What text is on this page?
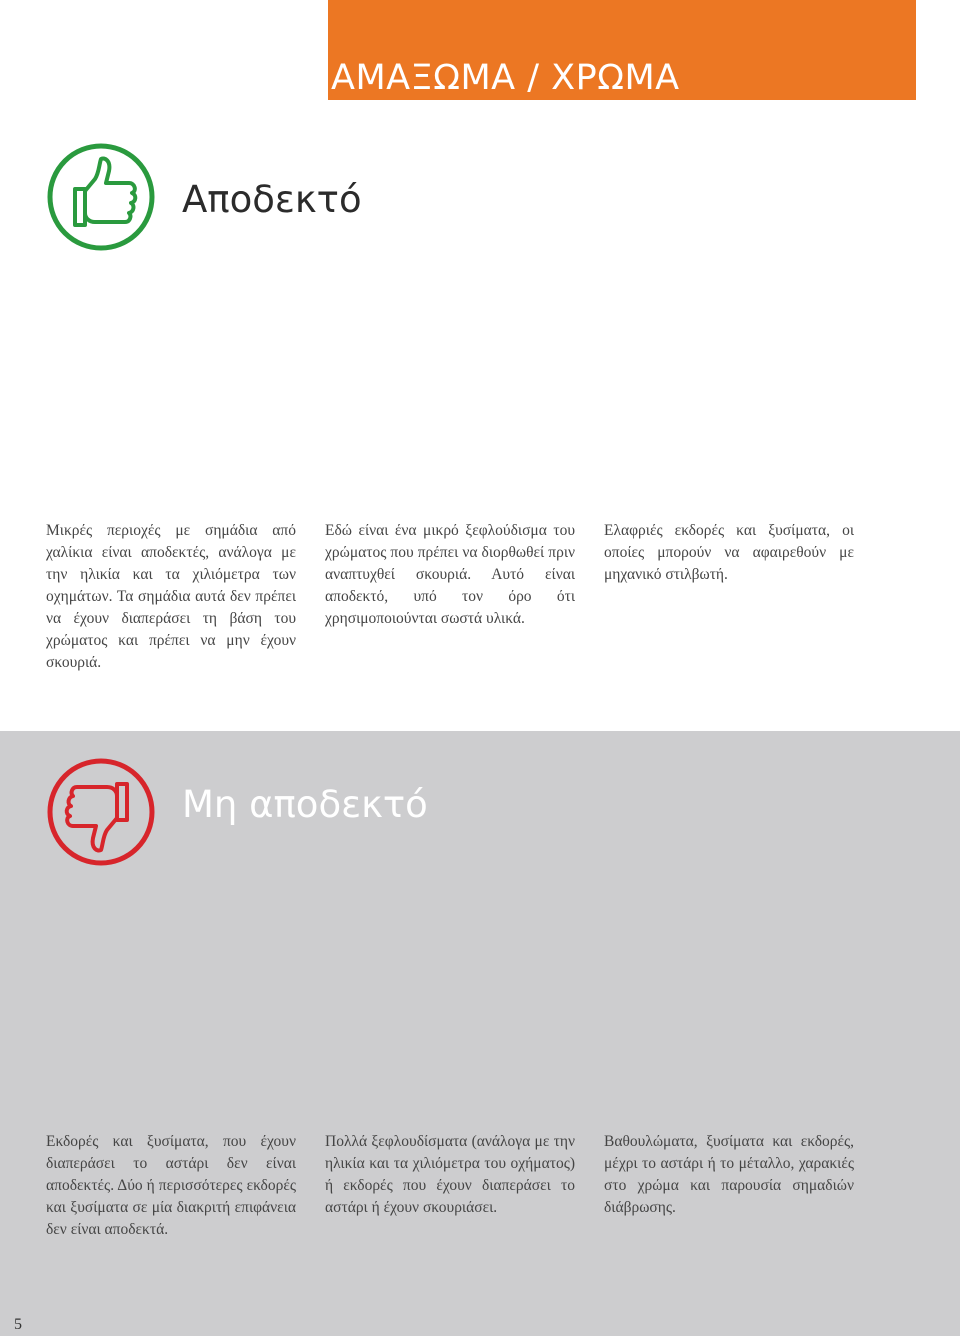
ΑΜΑΞΩΜΑ / ΧΡΩΜΑ
Αποδεκτό
Μικρές περιοχές με σημάδια από χαλίκια είναι αποδεκτές, ανάλογα με την ηλικία και τα χιλιόμετρα των οχημάτων. Τα σημάδια αυτά δεν πρέπει να έχουν διαπεράσει τη βάση του χρώματος και πρέπει να μην έχουν σκουριά.
Εδώ είναι ένα μικρό ξεφλούδισμα του χρώματος που πρέπει να διορθωθεί πριν αναπτυχθεί σκουριά. Αυτό είναι αποδεκτό, υπό τον όρο ότι χρησιμοποιούνται σωστά υλικά.
Ελαφριές εκδορές και ξυσίματα, οι οποίες μπορούν να αφαιρεθούν με μηχανικό στιλβωτή.
Μη αποδεκτό
Εκδορές και ξυσίματα, που έχουν διαπεράσει το αστάρι δεν είναι αποδεκτές. Δύο ή περισσότερες εκδορές και ξυσίματα σε μία διακριτή επιφάνεια δεν είναι αποδεκτά.
Πολλά ξεφλουδίσματα (ανάλογα με την ηλικία και τα χιλιόμετρα του οχήματος) ή εκδορές που έχουν διαπεράσει το αστάρι ή έχουν σκουριάσει.
Βαθουλώματα, ξυσίματα και εκδορές, μέχρι το αστάρι ή το μέταλλο, χαρακιές στο χρώμα και παρουσία σημαδιών διάβρωσης.
5
